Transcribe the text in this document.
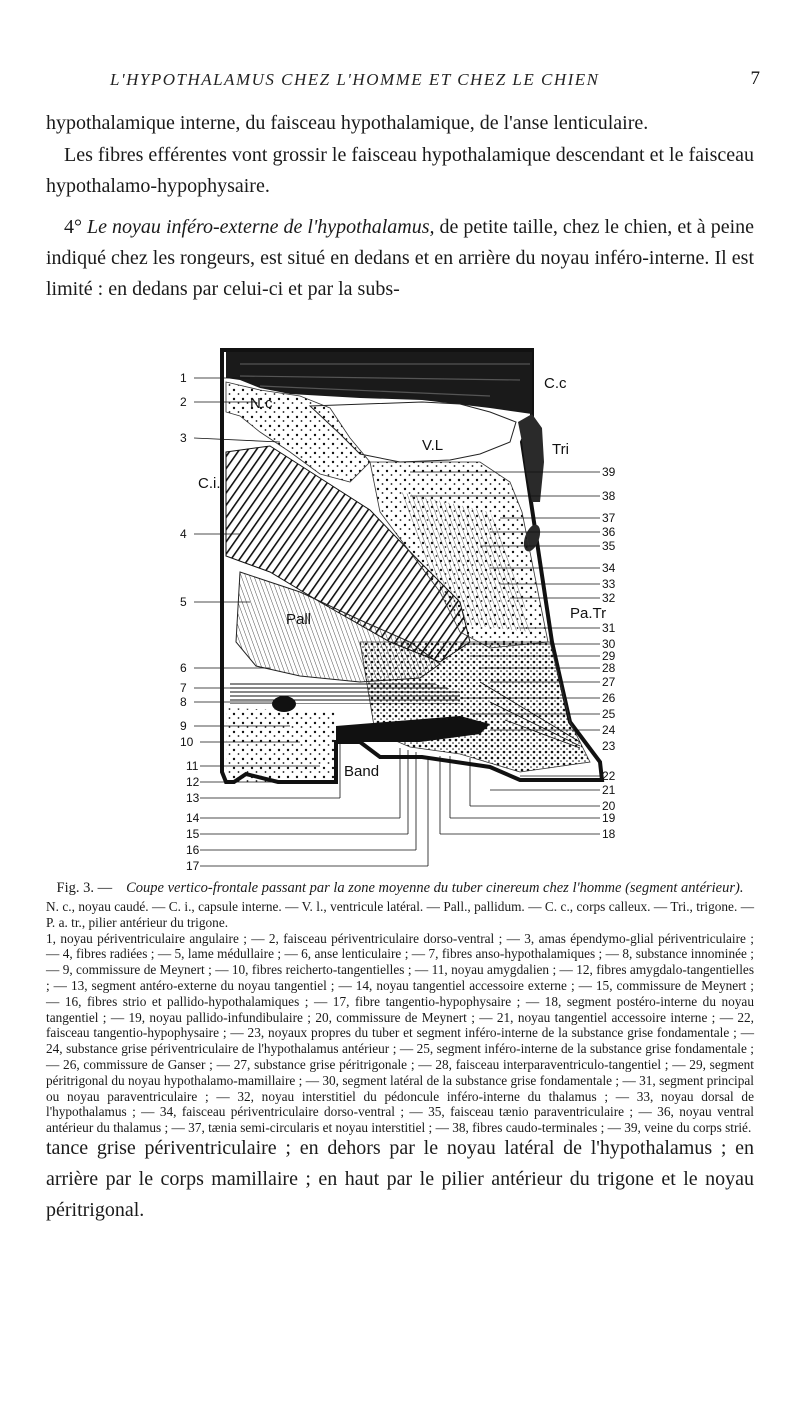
L'HYPOTHALAMUS CHEZ L'HOMME ET CHEZ LE CHIEN	7

hypothalamique interne, du faisceau hypothalamique, de l'anse lenticulaire.

Les fibres efférentes vont grossir le faisceau hypothalamique descendant et le faisceau hypothalamo-hypophysaire.

4° Le noyau inféro-externe de l'hypothalamus, de petite taille, chez le chien, et à peine indiqué chez les rongeurs, est situé en dedans et en arrière du noyau inféro-interne. Il est limité : en dedans par celui-ci et par la subs-

N.c
C.c
V.L	Tri
C.i.
Pall	Pa.Tr
Band
1
2
3
4
5
6
7
8
9
10
11
12
13
14
15
16
17
39
38
37
36
35
34
33
32
31
30
29
28
27
26
25
24
23
22
21
20
19
18
Fig. 3. — Coupe vertico-frontale passant par la zone moyenne du tuber cinereum chez l'homme (segment antérieur).

N. c., noyau caudé. — C. i., capsule interne. — V. l., ventricule latéral. — Pall., pallidum. — C. c., corps calleux. — Tri., trigone. — P. a. tr., pilier antérieur du trigone.

1, noyau périventriculaire angulaire ; — 2, faisceau périventriculaire dorso-ventral ; — 3, amas épendymo-glial périventriculaire ; — 4, fibres radiées ; — 5, lame médullaire ; — 6, anse lenticulaire ; — 7, fibres anso-hypothalamiques ; — 8, substance innominée ; — 9, commissure de Meynert ; — 10, fibres reicherto-tangentielles ; — 11, noyau amygdalien ; — 12, fibres amygdalo-tangentielles ; — 13, segment antéro-externe du noyau tangentiel ; — 14, noyau tangentiel accessoire externe ; — 15, commissure de Meynert ; — 16, fibres strio et pallido-hypothalamiques ; — 17, fibre tangentio-hypophysaire ; — 18, segment postéro-interne du noyau tangentiel ; — 19, noyau pallido-infundibulaire ; 20, commissure de Meynert ; — 21, noyau tangentiel accessoire interne ; — 22, faisceau tangentio-hypophysaire ; — 23, noyaux propres du tuber et segment inféro-interne de la substance grise fondamentale ; — 24, substance grise périventriculaire de l'hypothalamus antérieur ; — 25, segment inféro-interne de la substance grise fondamentale ; — 26, commissure de Ganser ; — 27, substance grise péritrigonale ; — 28, faisceau interparaventriculo-tangentiel ; — 29, segment péritrigonal du noyau hypothalamo-mamillaire ; — 30, segment latéral de la substance grise fondamentale ; — 31, segment principal ou noyau paraventriculaire ; — 32, noyau interstitiel du pédoncule inféro-interne du thalamus ; — 33, noyau dorsal de l'hypothalamus ; — 34, faisceau périventriculaire dorso-ventral ; — 35, faisceau tænio paraventriculaire ; — 36, noyau ventral antérieur du thalamus ; — 37, tænia semi-circularis et noyau interstitiel ; — 38, fibres caudo-terminales ; — 39, veine du corps strié.

tance grise périventriculaire ; en dehors par le noyau latéral de l'hypothalamus ; en arrière par le corps mamillaire ; en haut par le pilier antérieur du trigone et le noyau péritrigonal.
